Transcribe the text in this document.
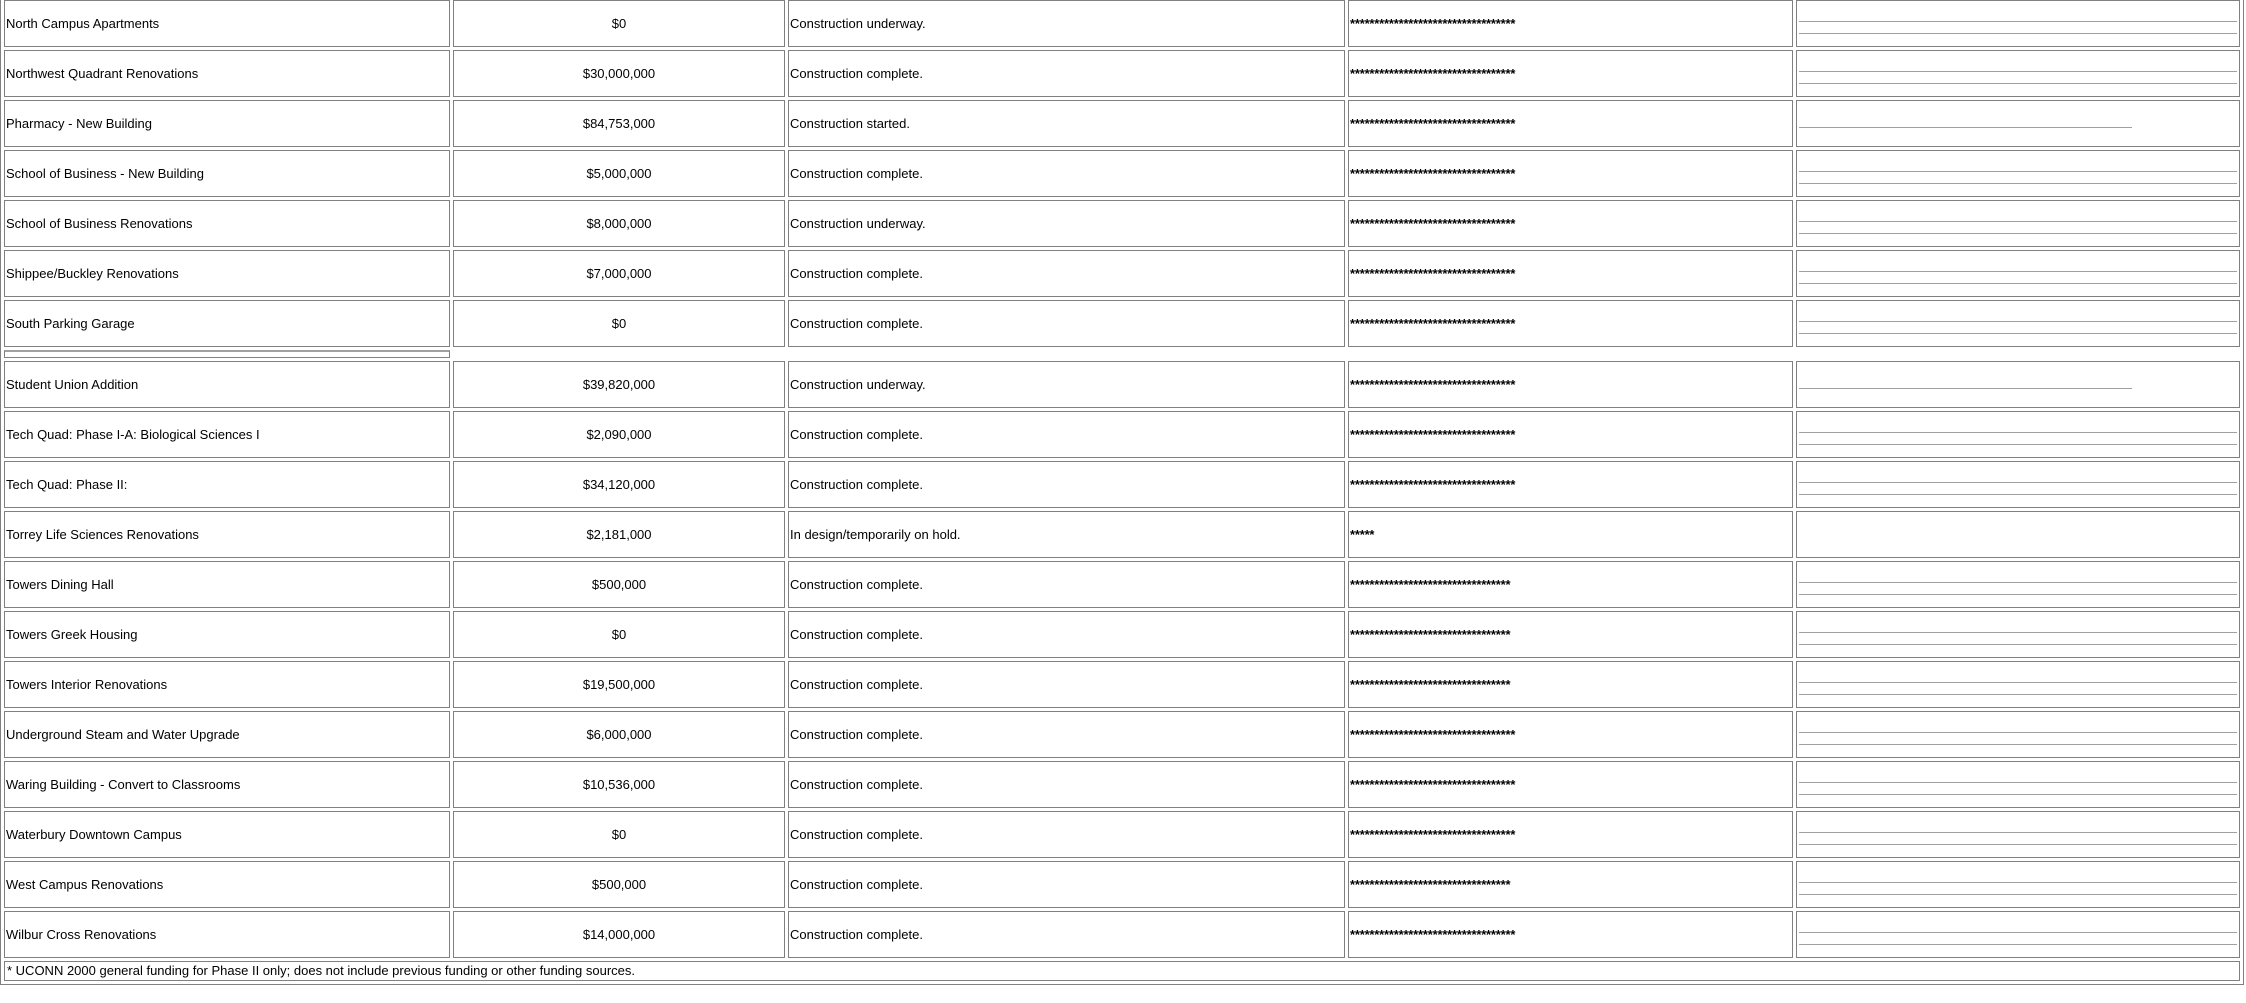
North Campus Apartments	$0	Construction underway.	**********************************	

Northwest Quadrant Renovations	$30,000,000	Construction complete.	**********************************	

Pharmacy - New Building	$84,753,000	Construction started.	**********************************	

School of Business - New Building	$5,000,000	Construction complete.	**********************************	

School of Business Renovations	$8,000,000	Construction underway.	**********************************	

Shippee/Buckley Renovations	$7,000,000	Construction complete.	**********************************	

South Parking Garage	$0	Construction complete.	**********************************	

Student Union Addition	$39,820,000	Construction underway.	**********************************	

Tech Quad: Phase I-A: Biological Sciences I	$2,090,000	Construction complete.	**********************************	

Tech Quad: Phase II:	$34,120,000	Construction complete.	**********************************	

Torrey Life Sciences Renovations	$2,181,000	In design/temporarily on hold.	*****	
Towers Dining Hall	$500,000	Construction complete.	*********************************	

Towers Greek Housing	$0	Construction complete.	*********************************	

Towers Interior Renovations	$19,500,000	Construction complete.	*********************************	

Underground Steam and Water Upgrade	$6,000,000	Construction complete.	**********************************	

Waring Building - Convert to Classrooms	$10,536,000	Construction complete.	**********************************	

Waterbury Downtown Campus	$0	Construction complete.	**********************************	

West Campus Renovations	$500,000	Construction complete.	*********************************	

Wilbur Cross Renovations	$14,000,000	Construction complete.	**********************************	
* UCONN 2000 general funding for Phase II only; does not include previous funding or other funding sources.
